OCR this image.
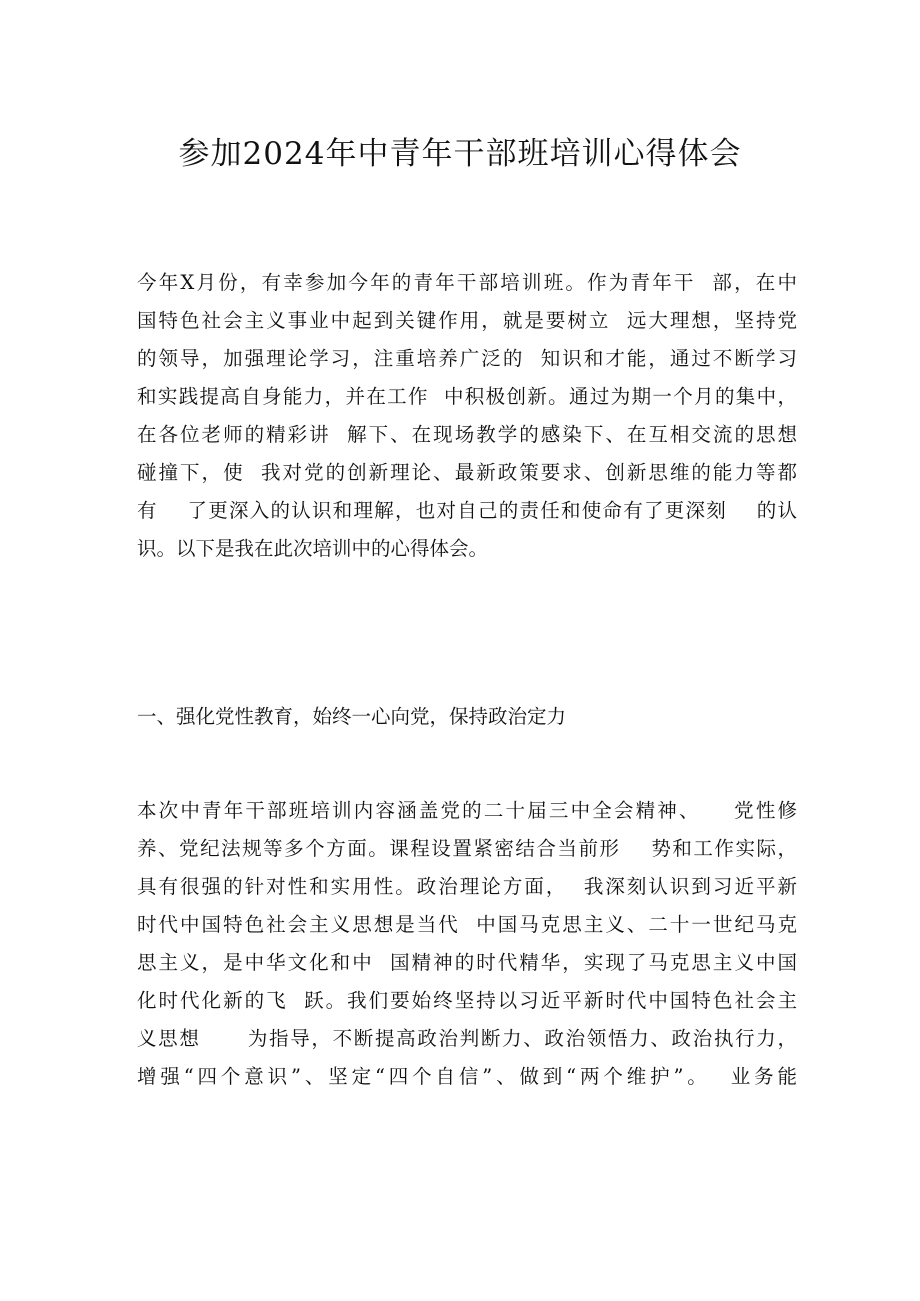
参加2024年中青年干部班培训心得体会
今年X月份，有幸参加今年的青年干部培训班。作为青年干  部，在中
国特色社会主义事业中起到关键作用，就是要树立  远大理想，坚持党
的领导，加强理论学习，注重培养广泛的  知识和才能，通过不断学习
和实践提高自身能力，并在工作  中积极创新。通过为期一个月的集中，
在各位老师的精彩讲  解下、在现场教学的感染下、在互相交流的思想
碰撞下，使  我对党的创新理论、最新政策要求、创新思维的能力等都
有    了更深入的认识和理解，也对自己的责任和使命有了更深刻    的认
识。以下是我在此次培训中的心得体会。
一、强化党性教育，始终一心向党，保持政治定力
本次中青年干部班培训内容涵盖党的二十届三中全会精神、    党性修
养、党纪法规等多个方面。课程设置紧密结合当前形    势和工作实际，
具有很强的针对性和实用性。政治理论方面，  我深刻认识到习近平新
时代中国特色社会主义思想是当代  中国马克思主义、二十一世纪马克
思主义，是中华文化和中  国精神的时代精华，实现了马克思主义中国
化时代化新的飞  跃。我们要始终坚持以习近平新时代中国特色社会主
义思想      为指导，不断提高政治判断力、政治领悟力、政治执行力，
增强“四个意识”、坚定“四个自信”、做到“两个维护”。  业务能
